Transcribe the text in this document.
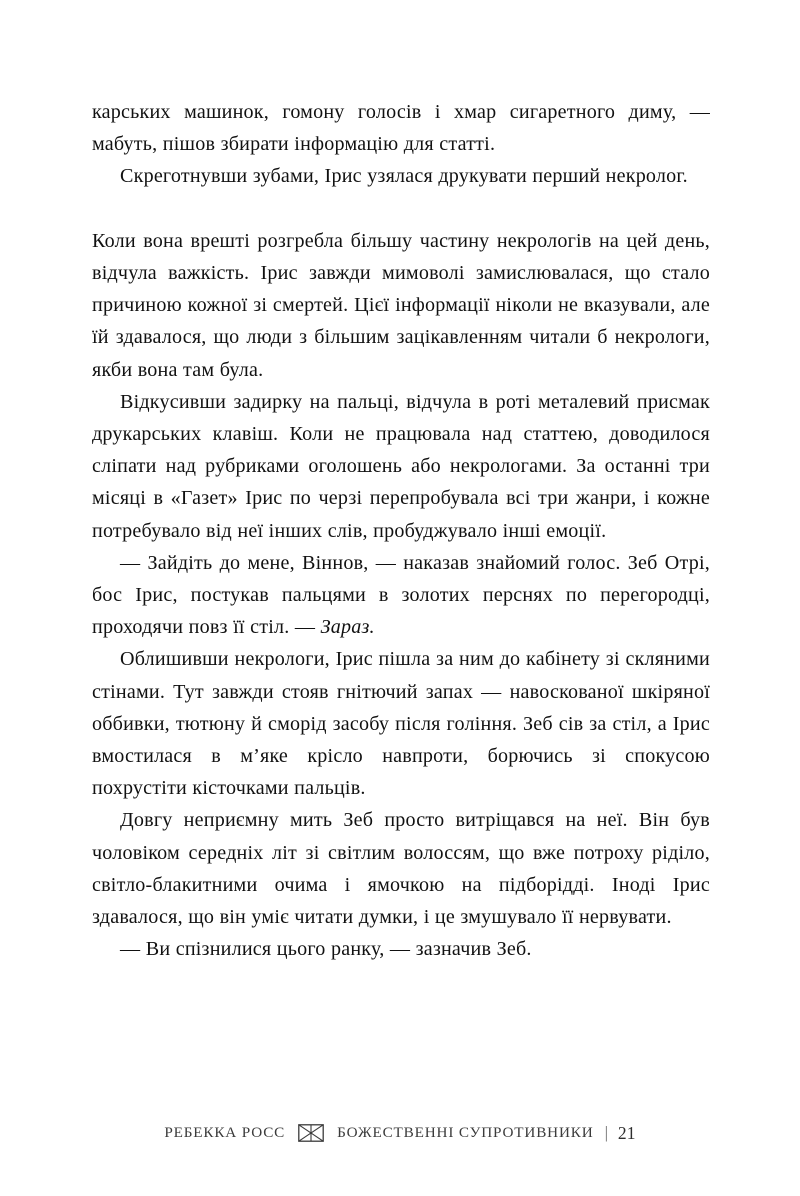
карських машинок, гомону голосів і хмар сигаретного диму, — мабуть, пішов збирати інформацію для статті.

Скреготнувши зубами, Ірис узялася друкувати перший некролог.

Коли вона врешті розгребла більшу частину некрологів на цей день, відчула важкість. Ірис завжди мимоволі замислювалася, що стало причиною кожної зі смертей. Цієї інформації ніколи не вказували, але їй здавалося, що люди з більшим зацікавленням читали б некрологи, якби вона там була.

Відкусивши задирку на пальці, відчула в роті металевий присмак друкарських клавіш. Коли не працювала над статтею, доводилося сліпати над рубриками оголошень або некрологами. За останні три місяці в «Газет» Ірис по черзі перепробувала всі три жанри, і кожне потребувало від неї інших слів, пробуджувало інші емоції.

— Зайдіть до мене, Віннов, — наказав знайомий голос. Зеб Отрі, бос Ірис, постукав пальцями в золотих перснях по перегородці, проходячи повз її стіл. — Зараз.

Облишивши некрологи, Ірис пішла за ним до кабінету зі скляними стінами. Тут завжди стояв гнітючий запах — навоскованої шкіряної оббивки, тютюну й сморід засобу після гоління. Зеб сів за стіл, а Ірис вмостилася в м’яке крісло навпроти, борючись зі спокусою похрустіти кісточками пальців.

Довгу неприємну мить Зеб просто витріщався на неї. Він був чоловіком середніх літ зі світлим волоссям, що вже потроху ріділо, світло-блакитними очима і ямочкою на підборідді. Іноді Ірис здавалося, що він уміє читати думки, і це змушувало її нервувати.

— Ви спізнилися цього ранку, — зазначив Зеб.

РЕБЕККА РОСС	БОЖЕСТВЕННІ СУПРОТИВНИКИ | 21
